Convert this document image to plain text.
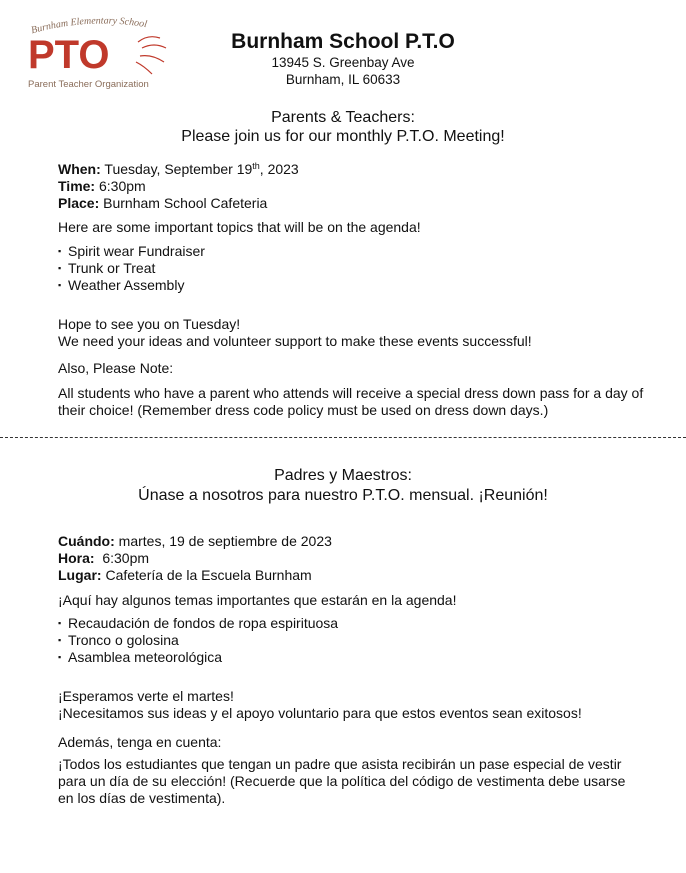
Burnham Elementary School
PTO
Parent Teacher Organization
Burnham School P.T.O
13945 S. Greenbay Ave
Burnham, IL 60633
Parents & Teachers:
Please join us for our monthly P.T.O. Meeting!

When: Tuesday, September 19th, 2023

Time: 6:30pm

Place: Burnham School Cafeteria

Here are some important topics that will be on the agenda!
▪ Spirit wear Fundraiser
▪ Trunk or Treat
▪ Weather Assembly
Hope to see you on Tuesday!
We need your ideas and volunteer support to make these events successful!
Also, Please Note:
All students who have a parent who attends will receive a special dress down pass for a day of their choice! (Remember dress code policy must be used on dress down days.)
Padres y Maestros:
Únase a nosotros para nuestro P.T.O. mensual. ¡Reunión!

Cuándo: martes, 19 de septiembre de 2023

Hora: 6:30pm

Lugar: Cafetería de la Escuela Burnham

¡Aquí hay algunos temas importantes que estarán en la agenda!
▪ Recaudación de fondos de ropa espirituosa
▪ Tronco o golosina
▪ Asamblea meteorológica
¡Esperamos verte el martes!
¡Necesitamos sus ideas y el apoyo voluntario para que estos eventos sean exitosos!
Además, tenga en cuenta:
¡Todos los estudiantes que tengan un padre que asista recibirán un pase especial de vestir para un día de su elección! (Recuerde que la política del código de vestimenta debe usarse en los días de vestimenta).
